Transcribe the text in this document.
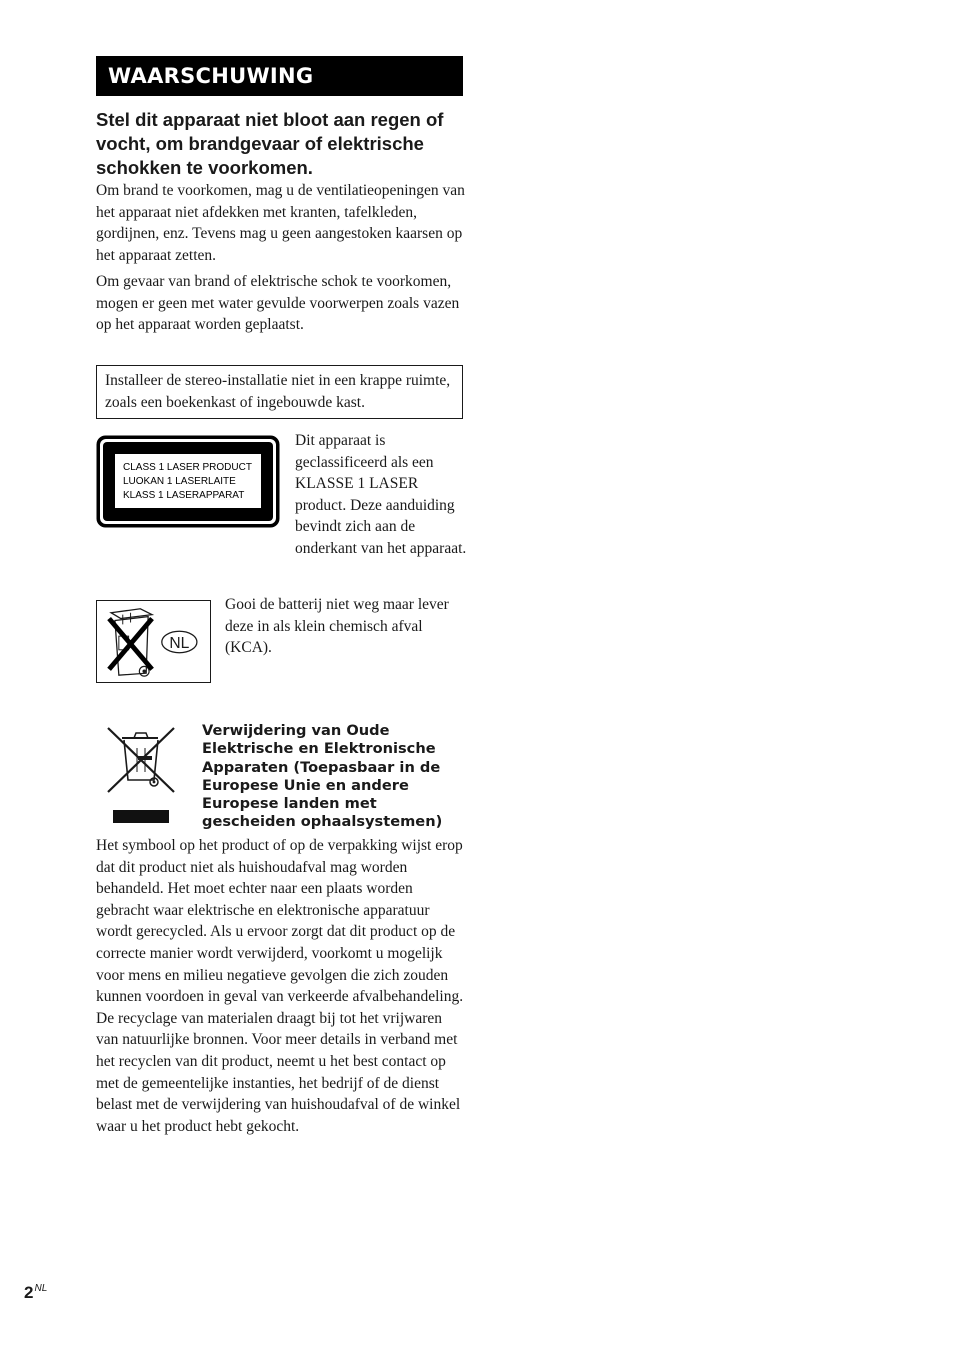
WAARSCHUWING

Stel dit apparaat niet bloot aan regen of vocht, om brandgevaar of elektrische schokken te voorkomen.

Om brand te voorkomen, mag u de ventilatieopeningen van het apparaat niet afdekken met kranten, tafelkleden, gordijnen, enz. Tevens mag u geen aangestoken kaarsen op het apparaat zetten.

Om gevaar van brand of elektrische schok te voorkomen, mogen er geen met water gevulde voorwerpen zoals vazen op het apparaat worden geplaatst.

Installeer de stereo-installatie niet in een krappe ruimte, zoals een boekenkast of ingebouwde kast.
CLASS 1 LASER PRODUCT
LUOKAN 1 LASERLAITE
KLASS 1 LASERAPPARAT

Dit apparaat is geclassificeerd als een KLASSE 1 LASER product. Deze aanduiding bevindt zich aan de onderkant van het apparaat.

NL

Gooi de batterij niet weg maar lever deze in als klein chemisch afval (KCA).

Verwijdering van Oude Elektrische en Elektronische Apparaten (Toepasbaar in de Europese Unie en andere Europese landen met gescheiden ophaalsystemen)

Het symbool op het product of op de verpakking wijst erop dat dit product niet als huishoudafval mag worden behandeld. Het moet echter naar een plaats worden gebracht waar elektrische en elektronische apparatuur wordt gerecycled. Als u ervoor zorgt dat dit product op de correcte manier wordt verwijderd, voorkomt u mogelijk voor mens en milieu negatieve gevolgen die zich zouden kunnen voordoen in geval van verkeerde afvalbehandeling. De recyclage van materialen draagt bij tot het vrijwaren van natuurlijke bronnen. Voor meer details in verband met het recyclen van dit product, neemt u het best contact op met de gemeentelijke instanties, het bedrijf of de dienst belast met de verwijdering van huishoudafval of de winkel waar u het product hebt gekocht.

$2^{NL}$
